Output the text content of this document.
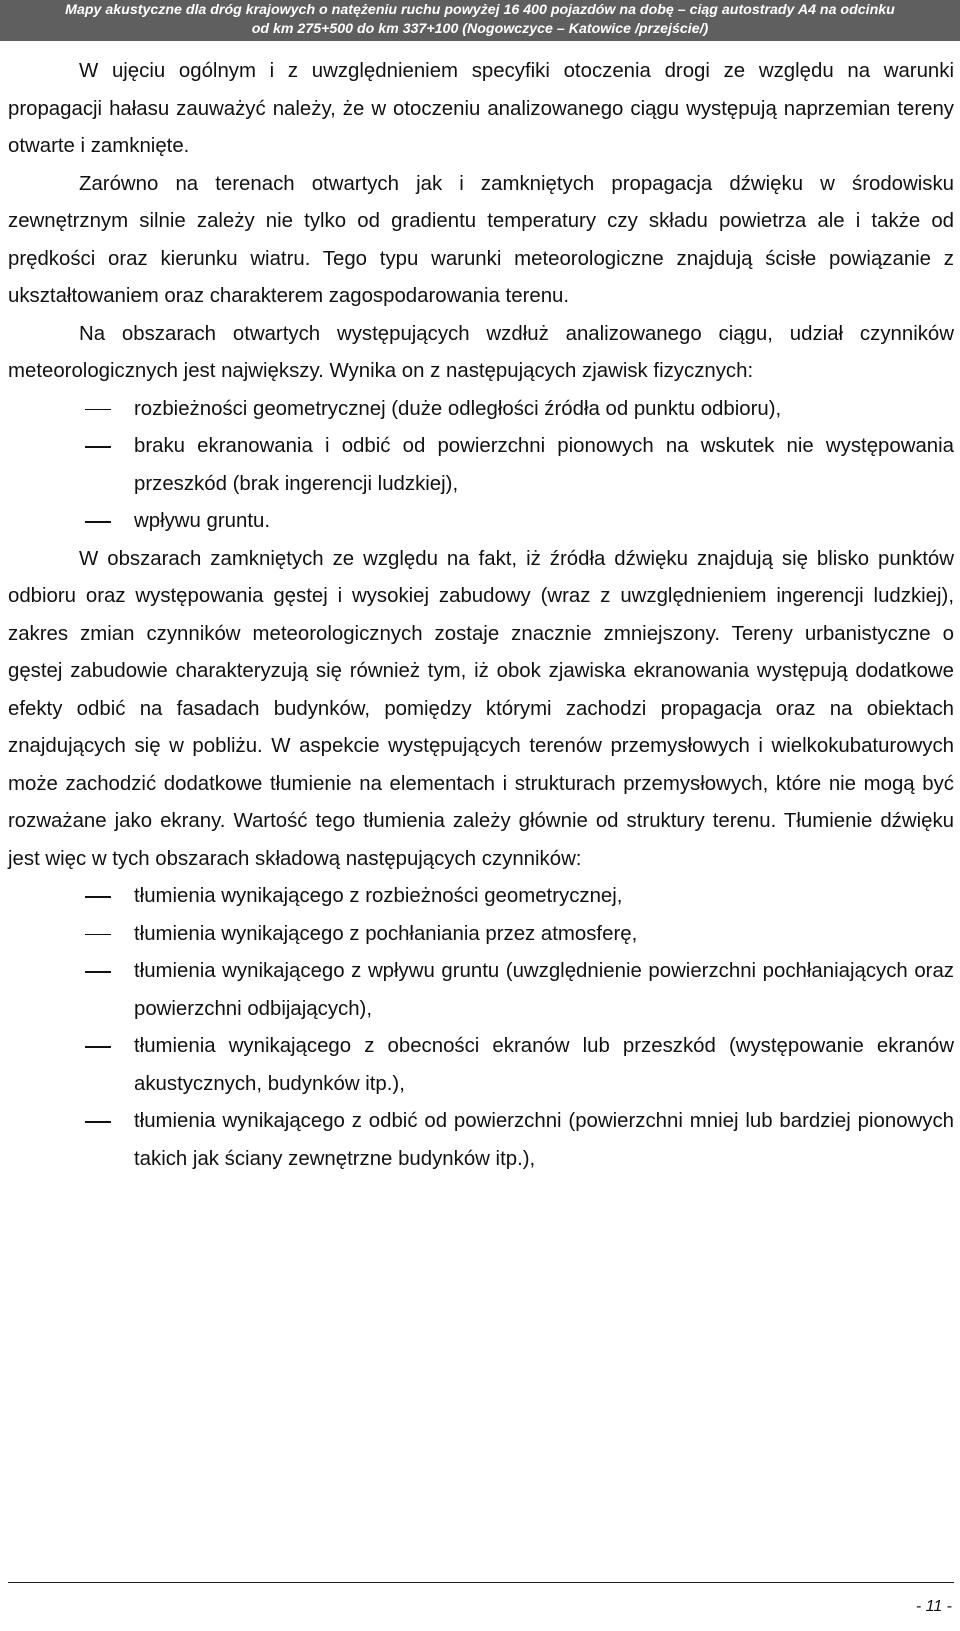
Mapy akustyczne dla dróg krajowych o natężeniu ruchu powyżej 16 400 pojazdów na dobę – ciąg autostrady A4 na odcinku
od km 275+500 do km 337+100 (Nogowczyce – Katowice /przejście/)

W ujęciu ogólnym i z uwzględnieniem specyfiki otoczenia drogi ze względu na warunki propagacji hałasu zauważyć należy, że w otoczeniu analizowanego ciągu występują naprzemian tereny otwarte i zamknięte.

Zarówno na terenach otwartych jak i zamkniętych propagacja dźwięku w środowisku zewnętrznym silnie zależy nie tylko od gradientu temperatury czy składu powietrza ale i także od prędkości oraz kierunku wiatru. Tego typu warunki meteorologiczne znajdują ścisłe powiązanie z ukształtowaniem oraz charakterem zagospodarowania terenu.

Na obszarach otwartych występujących wzdłuż analizowanego ciągu, udział czynników meteorologicznych jest największy. Wynika on z następujących zjawisk fizycznych:

rozbieżności geometrycznej (duże odległości źródła od punktu odbioru),
braku ekranowania i odbić od powierzchni pionowych na wskutek nie występowania przeszkód (brak ingerencji ludzkiej),
wpływu gruntu.

W obszarach zamkniętych ze względu na fakt, iż źródła dźwięku znajdują się blisko punktów odbioru oraz występowania gęstej i wysokiej zabudowy (wraz z uwzględnieniem ingerencji ludzkiej), zakres zmian czynników meteorologicznych zostaje znacznie zmniejszony. Tereny urbanistyczne o gęstej zabudowie charakteryzują się również tym, iż obok zjawiska ekranowania występują dodatkowe efekty odbić na fasadach budynków, pomiędzy którymi zachodzi propagacja oraz na obiektach znajdujących się w pobliżu. W aspekcie występujących terenów przemysłowych i wielkokubaturowych może zachodzić dodatkowe tłumienie na elementach i strukturach przemysłowych, które nie mogą być rozważane jako ekrany. Wartość tego tłumienia zależy głównie od struktury terenu. Tłumienie dźwięku jest więc w tych obszarach składową następujących czynników:

tłumienia wynikającego z rozbieżności geometrycznej,
tłumienia wynikającego z pochłaniania przez atmosferę,
tłumienia wynikającego z wpływu gruntu (uwzględnienie powierzchni pochłaniających oraz powierzchni odbijających),
tłumienia wynikającego z obecności ekranów lub przeszkód (występowanie ekranów akustycznych, budynków itp.),
tłumienia wynikającego z odbić od powierzchni (powierzchni mniej lub bardziej pionowych takich jak ściany zewnętrzne budynków itp.),
- 11 -
